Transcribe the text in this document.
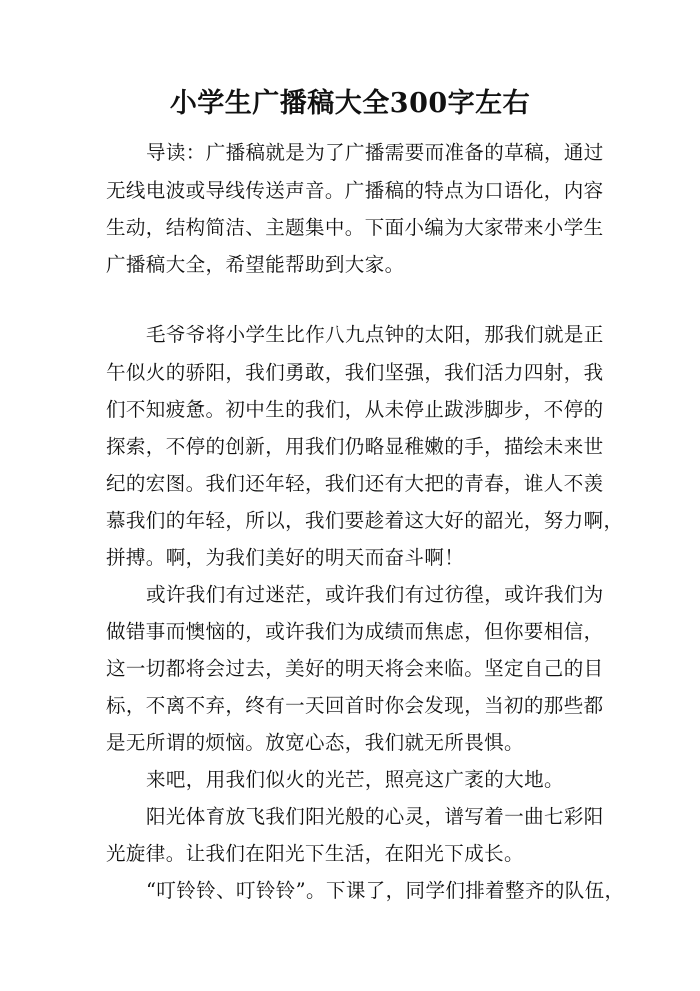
小学生广播稿大全300字左右
导读：广播稿就是为了广播需要而准备的草稿，通过
无线电波或导线传送声音。广播稿的特点为口语化，内容
生动，结构简洁、主题集中。下面小编为大家带来小学生
广播稿大全，希望能帮助到大家。
毛爷爷将小学生比作八九点钟的太阳，那我们就是正
午似火的骄阳，我们勇敢，我们坚强，我们活力四射，我
们不知疲惫。初中生的我们，从未停止跋涉脚步，不停的
探索，不停的创新，用我们仍略显稚嫩的手，描绘未来世
纪的宏图。我们还年轻，我们还有大把的青春，谁人不羡
慕我们的年轻，所以，我们要趁着这大好的韶光，努力啊，
拼搏。啊，为我们美好的明天而奋斗啊！
或许我们有过迷茫，或许我们有过彷徨，或许我们为
做错事而懊恼的，或许我们为成绩而焦虑，但你要相信，
这一切都将会过去，美好的明天将会来临。坚定自己的目
标，不离不弃，终有一天回首时你会发现，当初的那些都
是无所谓的烦恼。放宽心态，我们就无所畏惧。
来吧，用我们似火的光芒，照亮这广袤的大地。
阳光体育放飞我们阳光般的心灵，谱写着一曲七彩阳
光旋律。让我们在阳光下生活，在阳光下成长。
“叮铃铃、叮铃铃”。下课了，同学们排着整齐的队伍，
